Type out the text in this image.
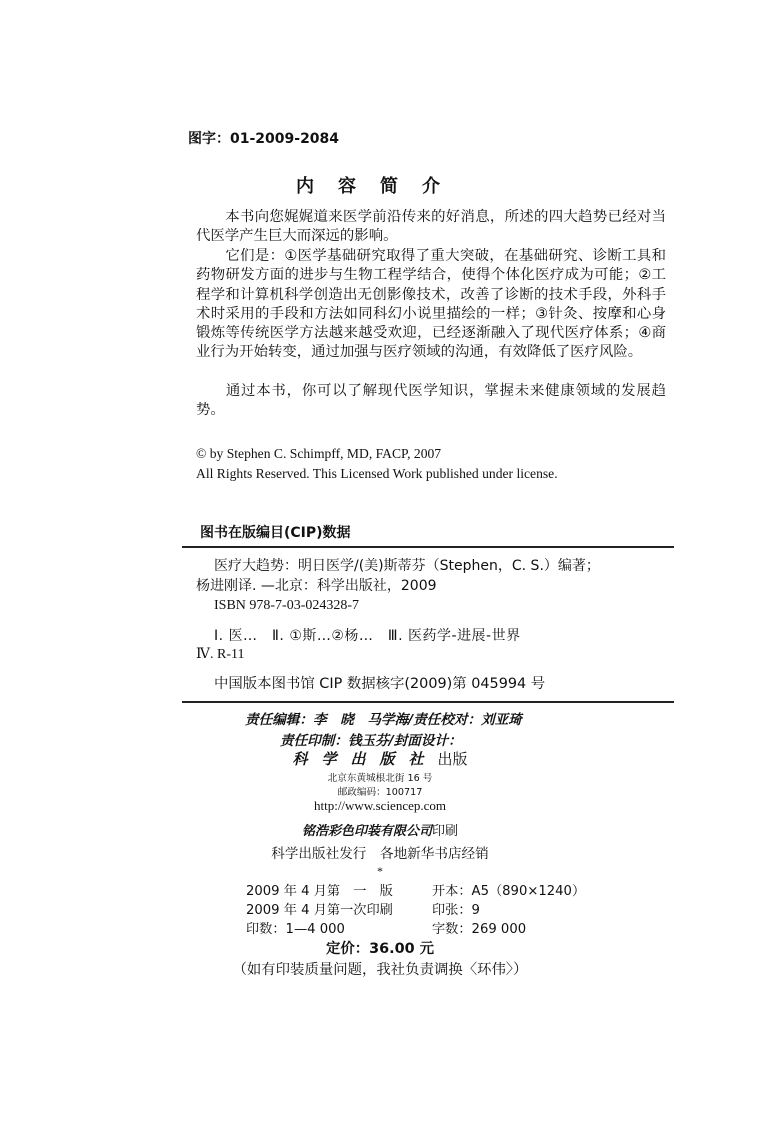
图字：01-2009-2084
内容简介
本书向您娓娓道来医学前沿传来的好消息，所述的四大趋势已经对当代医学产生巨大而深远的影响。
它们是：①医学基础研究取得了重大突破，在基础研究、诊断工具和药物研发方面的进步与生物工程学结合，使得个体化医疗成为可能；②工程学和计算机科学创造出无创影像技术，改善了诊断的技术手段，外科手术时采用的手段和方法如同科幻小说里描绘的一样；③针灸、按摩和心身锻炼等传统医学方法越来越受欢迎，已经逐渐融入了现代医疗体系；④商业行为开始转变，通过加强与医疗领域的沟通，有效降低了医疗风险。
通过本书，你可以了解现代医学知识，掌握未来健康领域的发展趋势。
© by Stephen C. Schimpff, MD, FACP, 2007
All Rights Reserved. This Licensed Work published under license.
图书在版编目(CIP)数据
医疗大趋势：明日医学/(美)斯蒂芬（Stephen，C. S.）编著；
杨进刚译. —北京：科学出版社，2009
ISBN 978-7-03-024328-7
Ⅰ. 医…　Ⅱ. ①斯…②杨…　Ⅲ. 医药学-进展-世界
Ⅳ. R-11
中国版本图书馆 CIP 数据核字(2009)第 045994 号
责任编辑：李　晓　马学海/责任校对：刘亚琦
责任印制：钱玉芬/封面设计：
科学出版社出版
北京东黄城根北街 16 号
邮政编码：100717
http://www.sciencep.com
铭浩彩色印装有限公司印刷
科学出版社发行　各地新华书店经销
*
2009 年 4 月第　一　版
2009 年 4 月第一次印刷
印数：1—4 000
开本：A5（890×1240）
印张：9
字数：269 000
定价：36.00 元
（如有印装质量问题，我社负责调换〈环伟〉）
